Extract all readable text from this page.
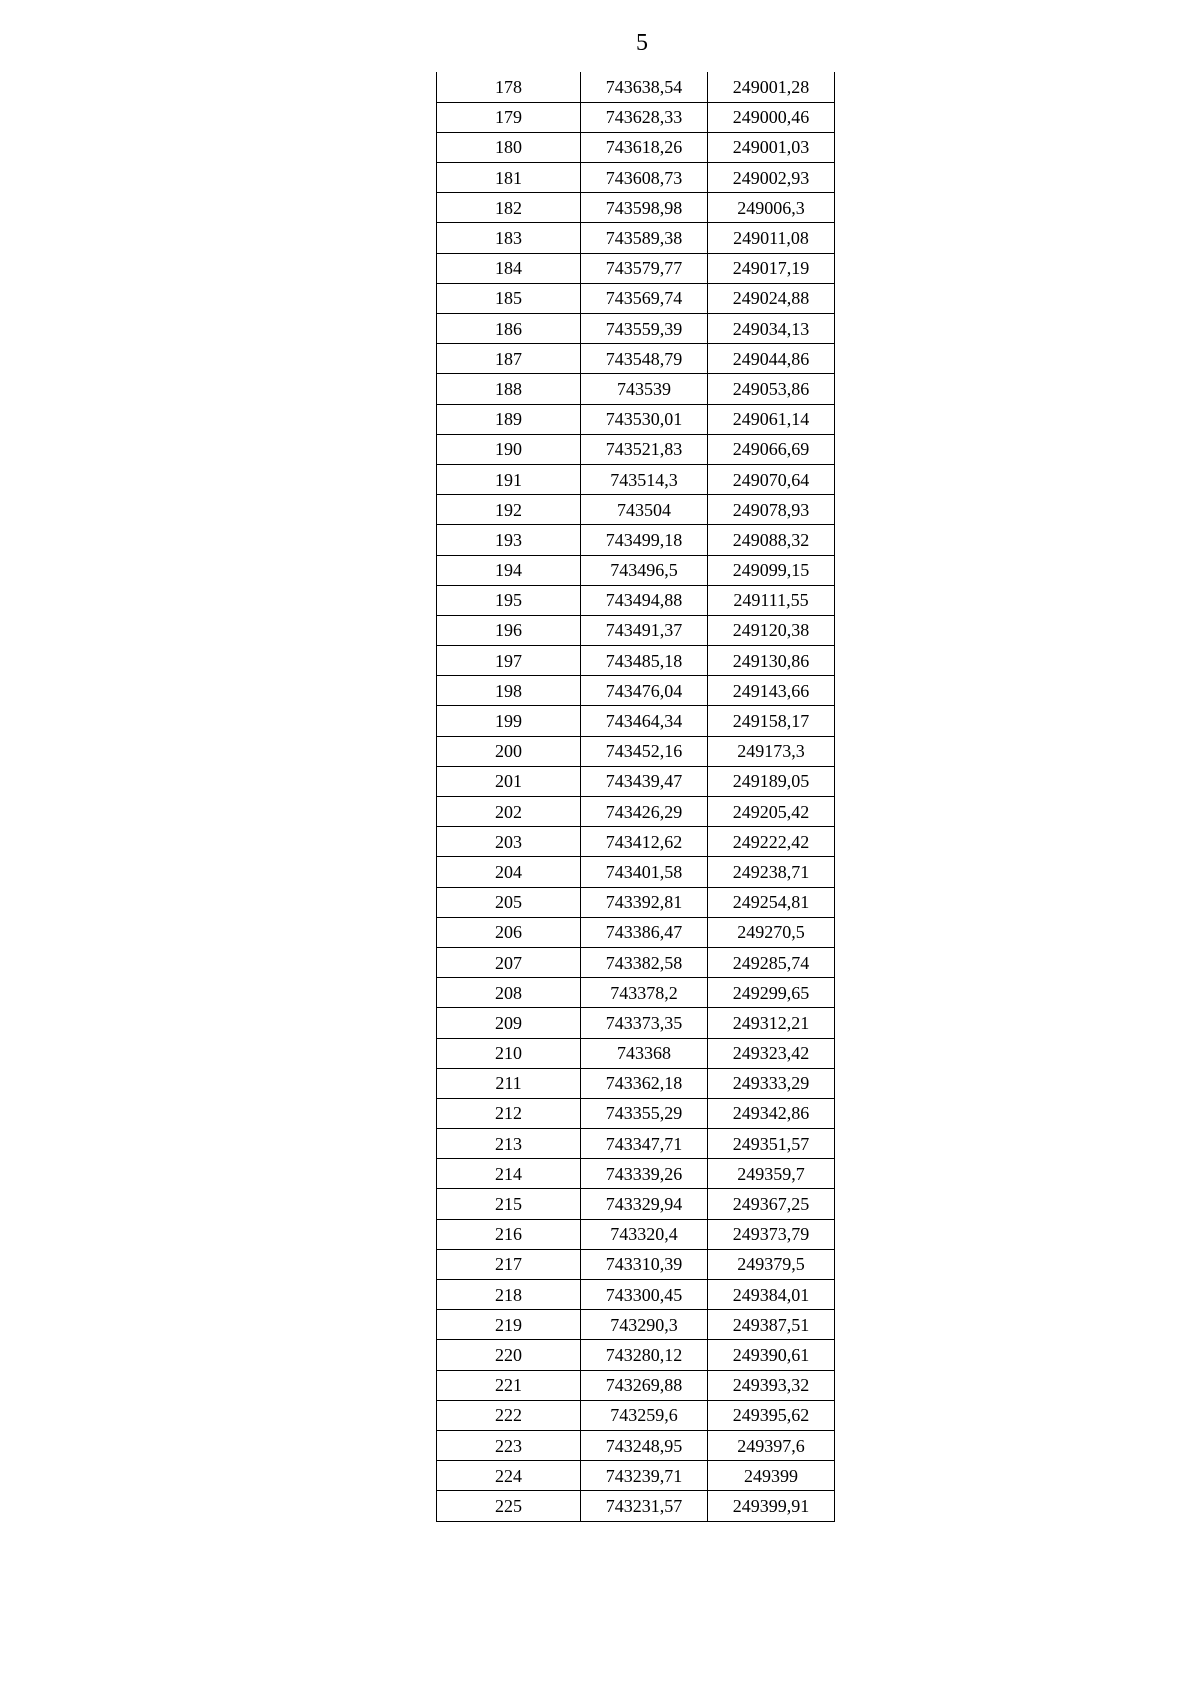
5
178	743638,54	249001,28
179	743628,33	249000,46
180	743618,26	249001,03
181	743608,73	249002,93
182	743598,98	249006,3
183	743589,38	249011,08
184	743579,77	249017,19
185	743569,74	249024,88
186	743559,39	249034,13
187	743548,79	249044,86
188	743539	249053,86
189	743530,01	249061,14
190	743521,83	249066,69
191	743514,3	249070,64
192	743504	249078,93
193	743499,18	249088,32
194	743496,5	249099,15
195	743494,88	249111,55
196	743491,37	249120,38
197	743485,18	249130,86
198	743476,04	249143,66
199	743464,34	249158,17
200	743452,16	249173,3
201	743439,47	249189,05
202	743426,29	249205,42
203	743412,62	249222,42
204	743401,58	249238,71
205	743392,81	249254,81
206	743386,47	249270,5
207	743382,58	249285,74
208	743378,2	249299,65
209	743373,35	249312,21
210	743368	249323,42
211	743362,18	249333,29
212	743355,29	249342,86
213	743347,71	249351,57
214	743339,26	249359,7
215	743329,94	249367,25
216	743320,4	249373,79
217	743310,39	249379,5
218	743300,45	249384,01
219	743290,3	249387,51
220	743280,12	249390,61
221	743269,88	249393,32
222	743259,6	249395,62
223	743248,95	249397,6
224	743239,71	249399
225	743231,57	249399,91
